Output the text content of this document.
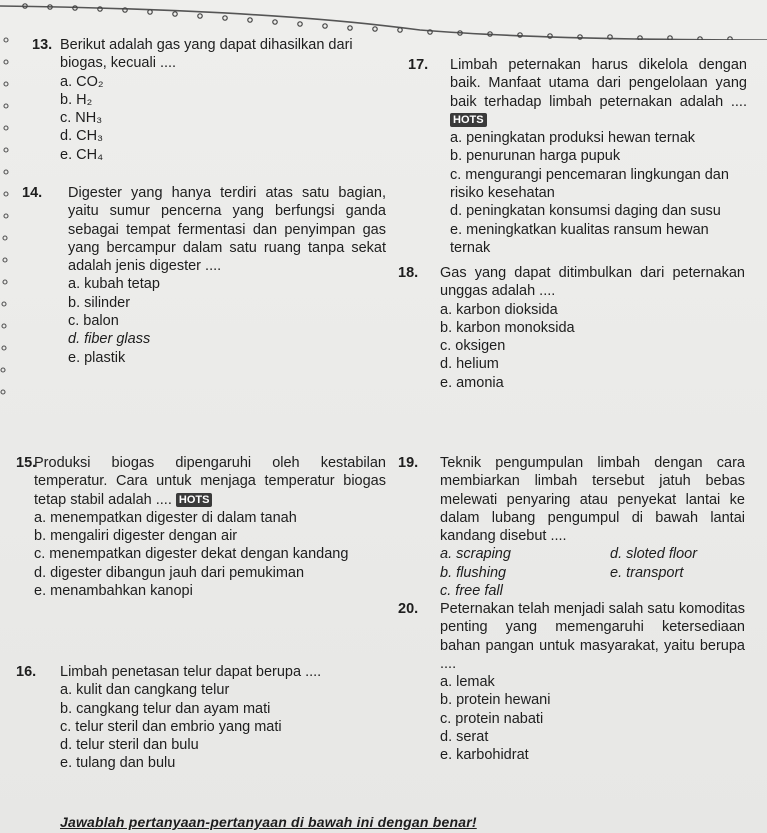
13. Berikut adalah gas yang dapat dihasilkan dari biogas, kecuali ....
a. CO₂
b. H₂
c. NH₃
d. CH₃
e. CH₄
14. Digester yang hanya terdiri atas satu bagian, yaitu sumur pencerna yang berfungsi ganda sebagai tempat fermentasi dan penyimpan gas yang bercampur dalam satu ruang tanpa sekat adalah jenis digester ....
a. kubah tetap
b. silinder
c. balon
d. fiber glass
e. plastik
15.
Produksi biogas dipengaruhi oleh kestabilan temperatur. Cara untuk menjaga temperatur biogas tetap stabil adalah .... HOTS
a. menempatkan digester di dalam tanah
b. mengaliri digester dengan air
c. menempatkan digester dekat dengan kandang
d. digester dibangun jauh dari pemukiman
e. menambahkan kanopi
16. Limbah penetasan telur dapat berupa ....
a. kulit dan cangkang telur
b. cangkang telur dan ayam mati
c. telur steril dan embrio yang mati
d. telur steril dan bulu
e. tulang dan bulu
17. Limbah peternakan harus dikelola dengan baik. Manfaat utama dari pengelolaan yang baik terhadap limbah peternakan adalah .... HOTS
a. peningkatan produksi hewan ternak
b. penurunan harga pupuk
c. mengurangi pencemaran lingkungan dan risiko kesehatan
d. peningkatan konsumsi daging dan susu
e. meningkatkan kualitas ransum hewan ternak
18. Gas yang dapat ditimbulkan dari peternakan unggas adalah ....
a. karbon dioksida
b. karbon monoksida
c. oksigen
d. helium
e. amonia
19. Teknik pengumpulan limbah dengan cara membiarkan limbah tersebut jatuh bebas melewati penyaring atau penyekat lantai ke dalam lubang pengumpul di bawah lantai kandang disebut ....
a. scraping	d. sloted floor
b. flushing	e. transport
c. free fall
20. Peternakan telah menjadi salah satu komoditas penting yang memengaruhi ketersediaan bahan pangan untuk masyarakat, yaitu berupa ....
a. lemak
b. protein hewani
c. protein nabati
d. serat
e. karbohidrat
Jawablah pertanyaan-pertanyaan di bawah ini dengan benar!
